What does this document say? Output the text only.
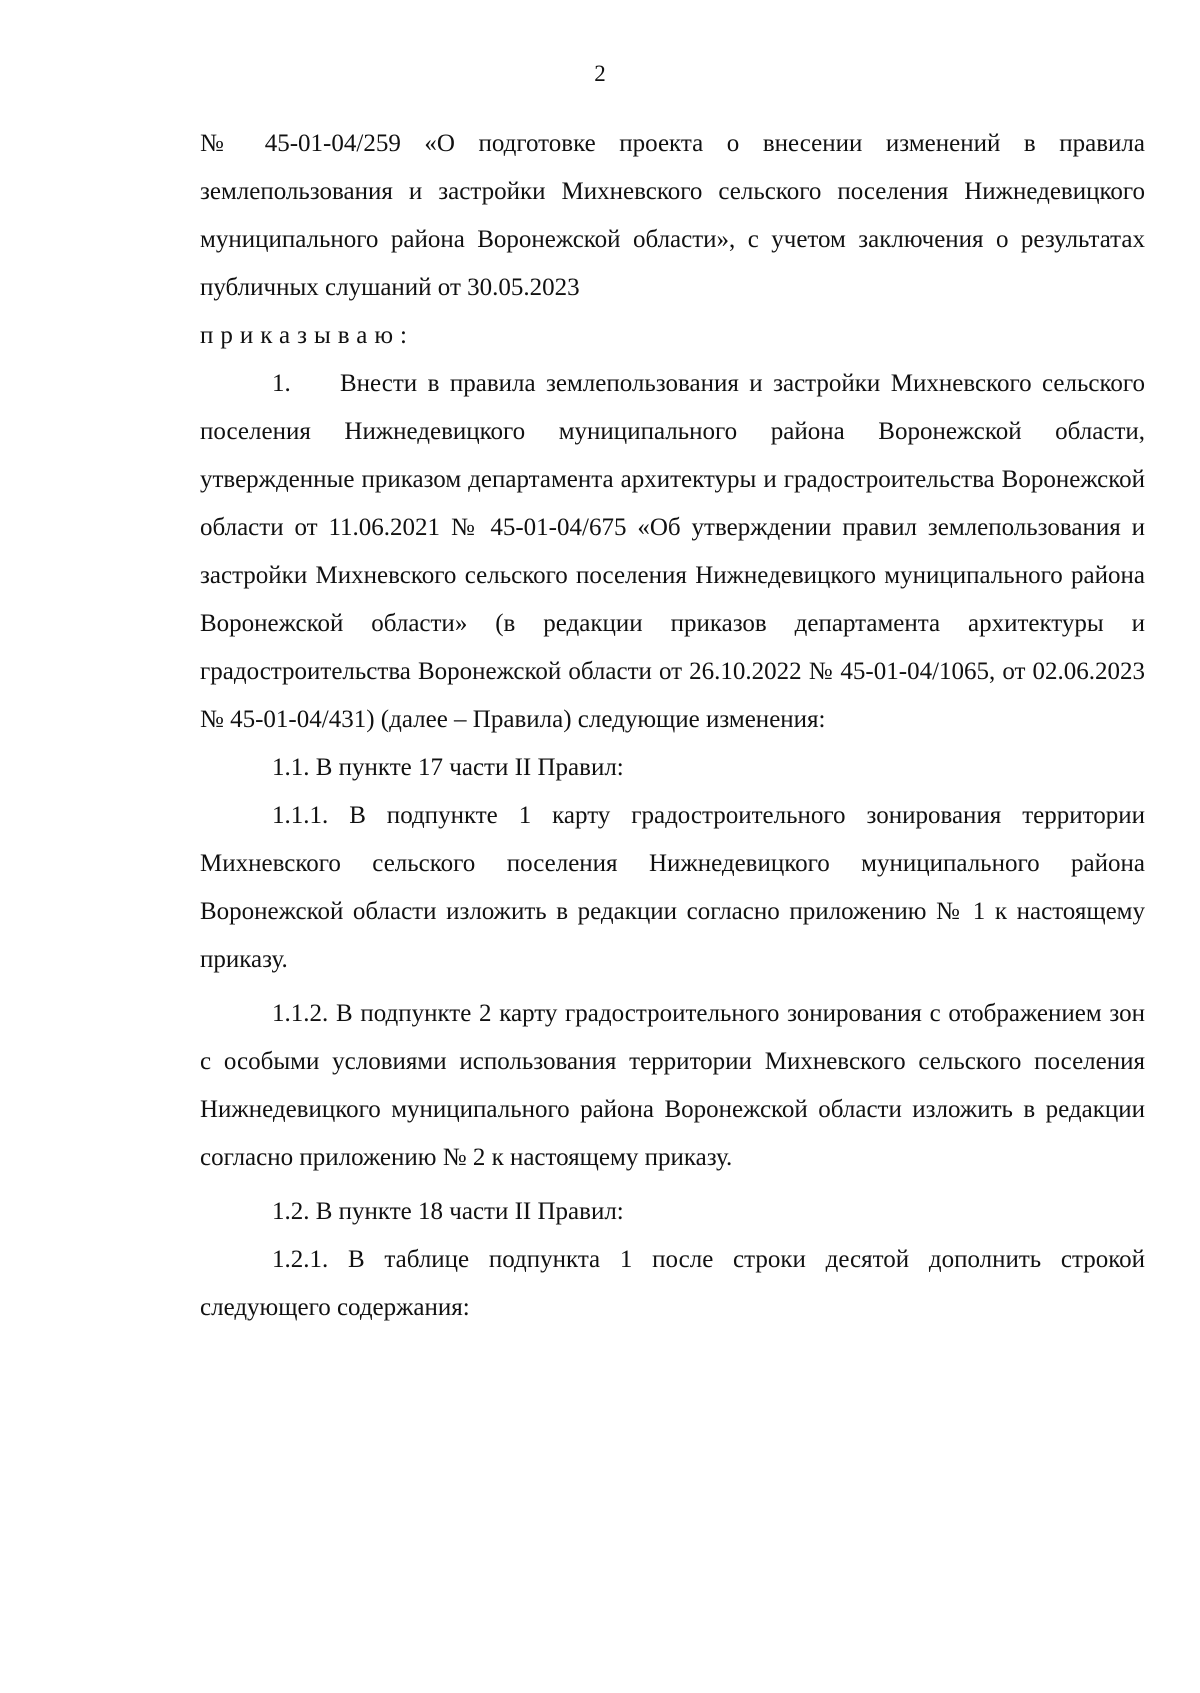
2

№ 45-01-04/259 «О подготовке проекта о внесении изменений в правила землепользования и застройки Михневского сельского поселения Нижнедевицкого муниципального района Воронежской области», с учетом заключения о результатах публичных слушаний от 30.05.2023

приказываю:

1. Внести в правила землепользования и застройки Михневского сельского поселения Нижнедевицкого муниципального района Воронежской области, утвержденные приказом департамента архитектуры и градостроительства Воронежской области от 11.06.2021 № 45-01-04/675 «Об утверждении правил землепользования и застройки Михневского сельского поселения Нижнедевицкого муниципального района Воронежской области» (в редакции приказов департамента архитектуры и градостроительства Воронежской области от 26.10.2022 № 45-01-04/1065, от 02.06.2023 № 45-01-04/431) (далее – Правила) следующие изменения:

1.1. В пункте 17 части II Правил:

1.1.1. В подпункте 1 карту градостроительного зонирования территории Михневского сельского поселения Нижнедевицкого муниципального района Воронежской области изложить в редакции согласно приложению № 1 к настоящему приказу.

1.1.2. В подпункте 2 карту градостроительного зонирования с отображением зон с особыми условиями использования территории Михневского сельского поселения Нижнедевицкого муниципального района Воронежской области изложить в редакции согласно приложению № 2 к настоящему приказу.

1.2. В пункте 18 части II Правил:

1.2.1. В таблице подпункта 1 после строки десятой дополнить строкой следующего содержания:
